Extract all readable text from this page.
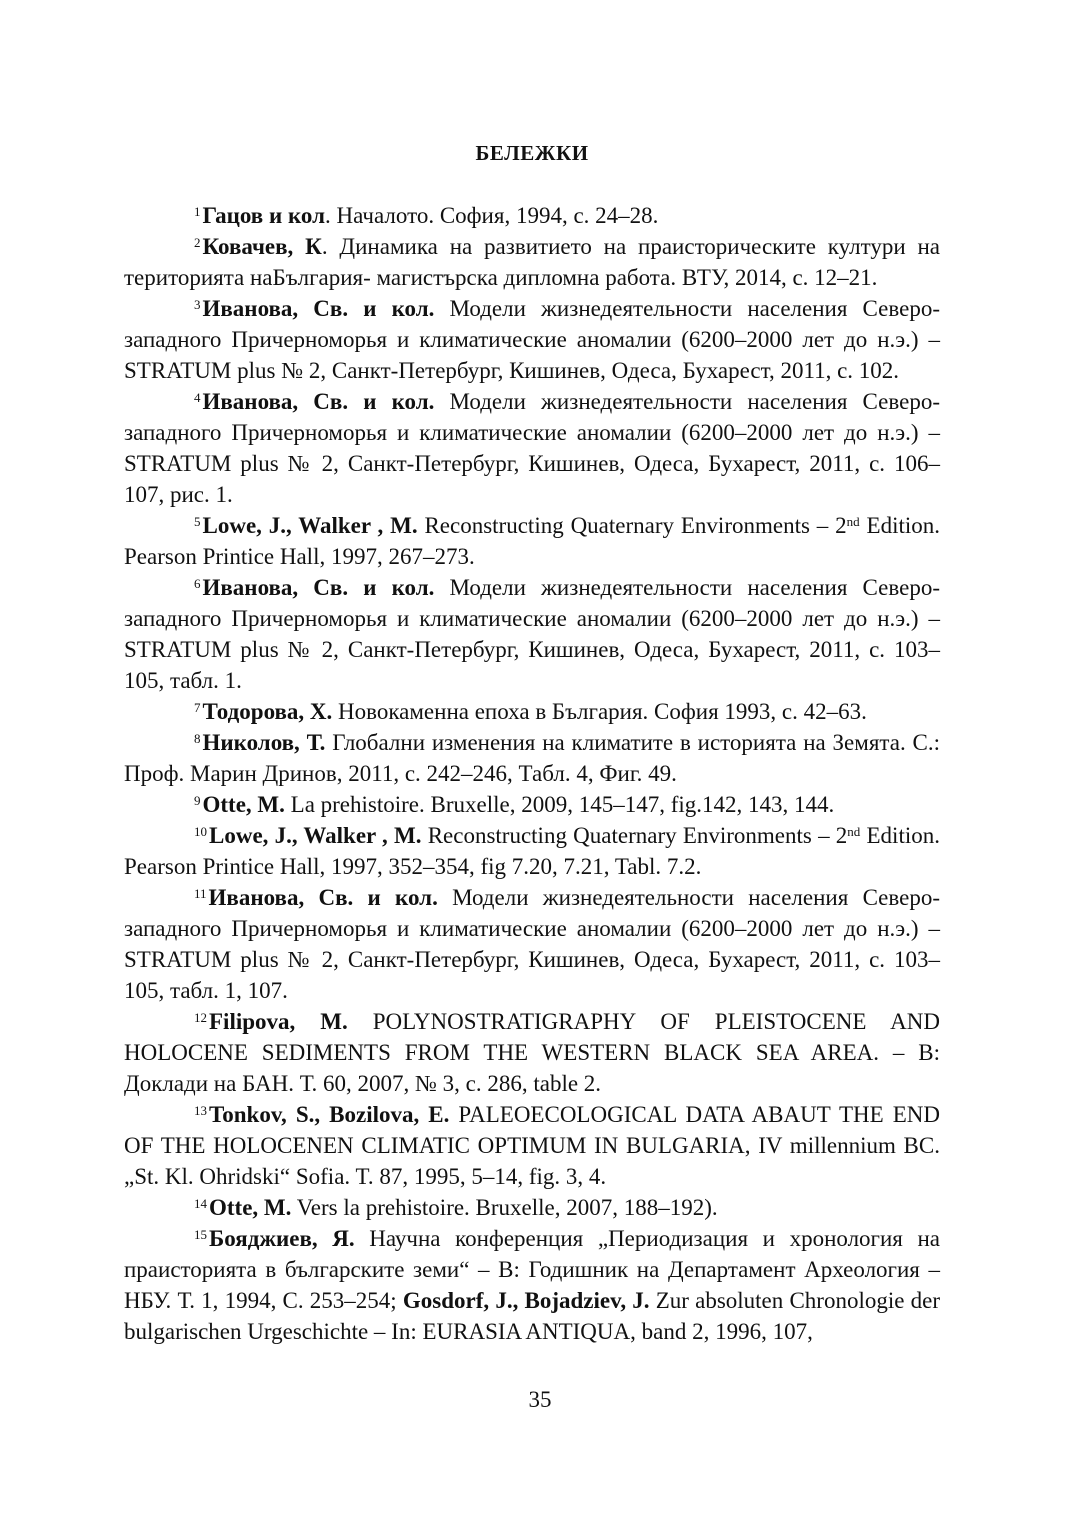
БЕЛЕЖКИ

$^1$Гацов и кол. Началото. София, 1994, с. 24–28.

$^2$Ковачев, К. Динамика на развитието на праисторическите култури на територията наБългария- магистърска дипломна работа. ВТУ, 2014, с. 12–21.

$^3$Иванова, Св. и кол. Модели жизнедеятельности населения Северо-западного Причерноморья и климатические аномалии (6200–2000 лет до н.э.) – STRATUM plus № 2, Санкт-Петербург, Кишинев, Одеса, Бухарест, 2011, с. 102.

$^4$Иванова, Св. и кол. Модели жизнедеятельности населения Северо-западного Причерноморья и климатические аномалии (6200–2000 лет до н.э.) – STRATUM plus № 2, Санкт-Петербург, Кишинев, Одеса, Бухарест, 2011, с. 106–107, рис. 1.

$^5$Lowe, J., Walker , M. Reconstructing Quaternary Environments – 2nd Edition. Pearson Printice Hall, 1997, 267–273.

$^6$Иванова, Св. и кол. Модели жизнедеятельности населения Северо-западного Причерноморья и климатические аномалии (6200–2000 лет до н.э.) – STRATUM plus № 2, Санкт-Петербург, Кишинев, Одеса, Бухарест, 2011, с. 103–105, табл. 1.

$^7$Тодорова, Х. Новокаменна епоха в България. София 1993, с. 42–63.

$^8$Николов, Т. Глобални изменения на климатите в историята на Земята. С.: Проф. Марин Дринов, 2011, с. 242–246, Табл. 4, Фиг. 49.

$^9$Otte, M. La prehistoire. Bruxelle, 2009, 145–147, fig.142, 143, 144.

$^{10}$Lowe, J., Walker , M. Reconstructing Quaternary Environments – 2nd Edition. Pearson Printice Hall, 1997, 352–354, fig 7.20, 7.21, Tabl. 7.2.

$^{11}$Иванова, Св. и кол. Модели жизнедеятельности населения Северо-западного Причерноморья и климатические аномалии (6200–2000 лет до н.э.) – STRATUM plus № 2, Санкт-Петербург, Кишинев, Одеса, Бухарест, 2011, с. 103–105, табл. 1, 107.

$^{12}$Filipova, M. POLYNOSTRATIGRAPHY OF PLEISTOCENE AND HOLOCENE SEDIMENTS FROM THE WESTERN BLACK SEA AREA. – В: Доклади на БАН. Т. 60, 2007, № 3, с. 286, table 2.

$^{13}$Tonkov, S., Bozilova, E. PALEOECOLOGICAL DATA ABAUT THE END OF THE HOLOCENEN CLIMATIC OPTIMUM IN BULGARIA, IV millennium BC. „St. Kl. Ohridski“ Sofia. T. 87, 1995, 5–14, fig. 3, 4.

$^{14}$Otte, M. Vers la prehistoire. Bruxelle, 2007, 188–192).

$^{15}$Бояджиев, Я. Научна конференция „Периодизация и хронология на праисторията в българските земи“ – В: Годишник на Департамент Археология – НБУ. Т. 1, 1994, С. 253–254; Gosdorf, J., Bojadziev, J. Zur absoluten Chronologie der bulgarischen Urgeschichte – In: EURASIA ANTIQUA, band 2, 1996, 107,

35
